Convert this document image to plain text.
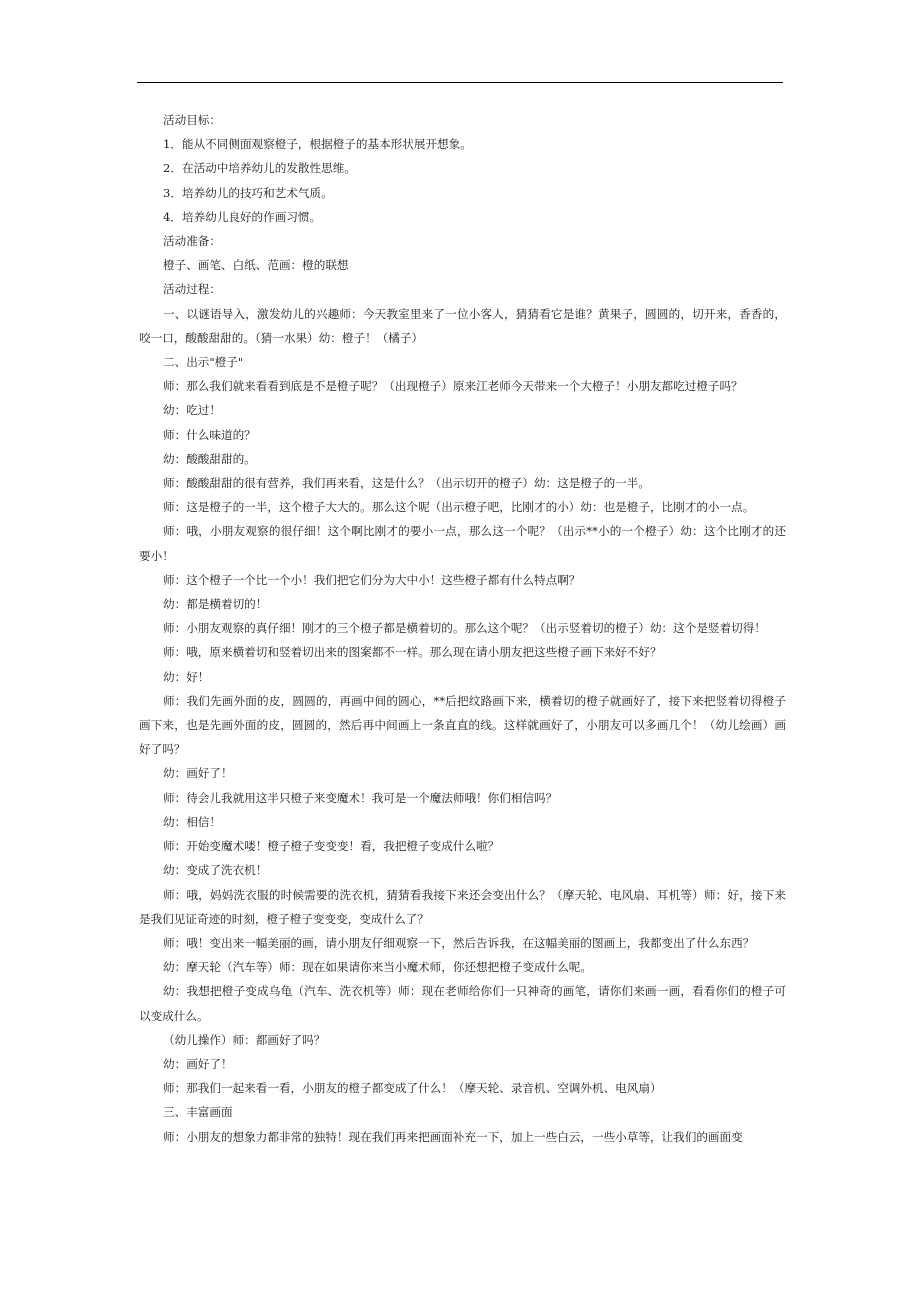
活动目标：

1．能从不同侧面观察橙子，根据橙子的基本形状展开想象。

2．在活动中培养幼儿的发散性思维。

3．培养幼儿的技巧和艺术气质。

4．培养幼儿良好的作画习惯。

活动准备：

橙子、画笔、白纸、范画：橙的联想

活动过程：

一、以谜语导入，激发幼儿的兴趣师：今天教室里来了一位小客人，猜猜看它是谁？黄果子，圆圆的，切开来，香香的，咬一口，酸酸甜甜的。（猜一水果）幼：橙子！（橘子）

二、出示"橙子"

师：那么我们就来看看到底是不是橙子呢？（出现橙子）原来江老师今天带来一个大橙子！小朋友都吃过橙子吗？

幼：吃过！

师：什么味道的？

幼：酸酸甜甜的。

师：酸酸甜甜的很有营养，我们再来看，这是什么？（出示切开的橙子）幼：这是橙子的一半。

师：这是橙子的一半，这个橙子大大的。那么这个呢（出示橙子吧，比刚才的小）幼：也是橙子，比刚才的小一点。

师：哦，小朋友观察的很仔细！这个啊比刚才的要小一点，那么这一个呢？（出示**小的一个橙子）幼：这个比刚才的还要小！

师：这个橙子一个比一个小！我们把它们分为大中小！这些橙子都有什么特点啊？

幼：都是横着切的！

师：小朋友观察的真仔细！刚才的三个橙子都是横着切的。那么这个呢？（出示竖着切的橙子）幼：这个是竖着切得！

师：哦，原来横着切和竖着切出来的图案都不一样。那么现在请小朋友把这些橙子画下来好不好？

幼：好！

师：我们先画外面的皮，圆圆的，再画中间的圆心，**后把纹路画下来，横着切的橙子就画好了，接下来把竖着切得橙子画下来，也是先画外面的皮，圆圆的，然后再中间画上一条直直的线。这样就画好了，小朋友可以多画几个！（幼儿绘画）画好了吗？

幼：画好了！

师：待会儿我就用这半只橙子来变魔术！我可是一个魔法师哦！你们相信吗？

幼：相信！

师：开始变魔术喽！橙子橙子变变变！看，我把橙子变成什么啦？

幼：变成了洗衣机！

师：哦，妈妈洗衣服的时候需要的洗衣机，猜猜看我接下来还会变出什么？（摩天轮、电风扇、耳机等）师：好，接下来是我们见证奇迹的时刻，橙子橙子变变变，变成什么了？

师：哦！变出来一幅美丽的画，请小朋友仔细观察一下，然后告诉我，在这幅美丽的图画上，我都变出了什么东西？

幼：摩天轮（汽车等）师：现在如果请你来当小魔术师，你还想把橙子变成什么呢。

幼：我想把橙子变成乌龟（汽车、洗衣机等）师：现在老师给你们一只神奇的画笔，请你们来画一画，看看你们的橙子可以变成什么。

（幼儿操作）师：都画好了吗？

幼：画好了！

师：那我们一起来看一看，小朋友的橙子都变成了什么！（摩天轮、录音机、空调外机、电风扇）

三、丰富画面

师：小朋友的想象力都非常的独特！现在我们再来把画面补充一下，加上一些白云，一些小草等，让我们的画面变
